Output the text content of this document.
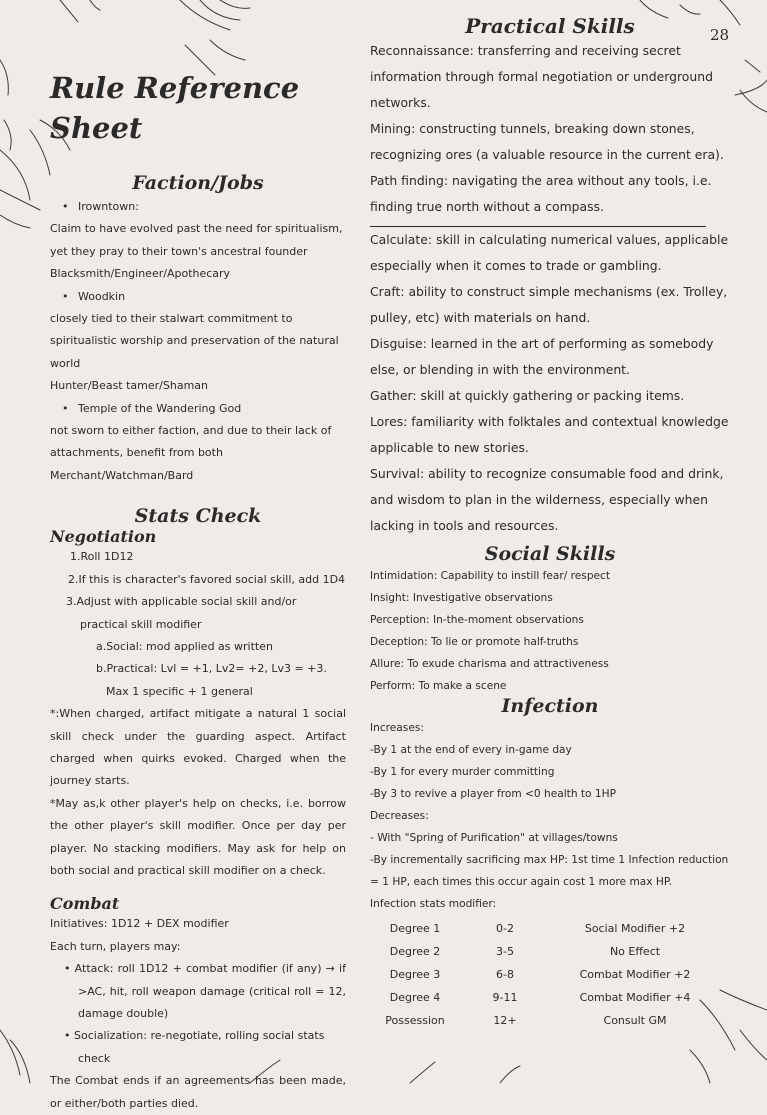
28
Rule Reference Sheet
Faction/Jobs
• Irowntown:
Claim to have evolved past the need for spiritualism, yet they pray to their town's ancestral founder
Blacksmith/Engineer/Apothecary
• Woodkin
closely tied to their stalwart commitment to spiritualistic worship and preservation of the natural world
Hunter/Beast tamer/Shaman
• Temple of the Wandering God
not sworn to either faction, and due to their lack of attachments, benefit from both
Merchant/Watchman/Bard
Stats Check
Negotiation
1.Roll 1D12
2.If this is character's favored social skill, add 1D4
3.Adjust with applicable social skill and/or practical skill modifier
a.Social: mod applied as written
b.Practical: Lvl = +1, Lv2= +2, Lv3 = +3. Max 1 specific + 1 general
*:When charged, artifact mitigate a natural 1 social skill check under the guarding aspect. Artifact charged when quirks evoked. Charged when the journey starts.
*May as,k other player's help on checks, i.e. borrow the other player's skill modifier. Once per day per player. No stacking modifiers. May ask for help on both social and practical skill modifier on a check.
Combat
Initiatives: 1D12 + DEX modifier
Each turn, players may:
• Attack: roll 1D12 + combat modifier (if any) → if >AC, hit, roll weapon damage (critical roll = 12, damage double)
• Socialization: re-negotiate, rolling social stats check
The Combat ends if an agreements has been made, or either/both parties died.
Practical Skills
Reconnaissance: transferring and receiving secret information through formal negotiation or underground networks.
Mining: constructing tunnels, breaking down stones, recognizing ores (a valuable resource in the current era).
Path finding: navigating the area without any tools, i.e. finding true north without a compass.
Calculate: skill in calculating numerical values, applicable especially when it comes to trade or gambling.
Craft: ability to construct simple mechanisms (ex. Trolley, pulley, etc) with materials on hand.
Disguise: learned in the art of performing as somebody else, or blending in with the environment.
Gather: skill at quickly gathering or packing items.
Lores: familiarity with folktales and contextual knowledge applicable to new stories.
Survival: ability to recognize consumable food and drink, and wisdom to plan in the wilderness, especially when lacking in tools and resources.
Social Skills
Intimidation: Capability to instill fear/ respect
Insight: Investigative observations
Perception: In-the-moment observations
Deception: To lie or promote half-truths
Allure: To exude charisma and attractiveness
Perform: To make a scene
Infection
Increases:
-By 1 at the end of every in-game day
-By 1 for every murder committing
-By 3 to revive a player from <0 health to 1HP
Decreases:
- With "Spring of Purification" at villages/towns
-By incrementally sacrificing max HP: 1st time 1 Infection reduction = 1 HP, each times this occur again cost 1 more max HP.
Infection stats modifier:
Degree 1	0-2	Social Modifier +2
Degree 2	3-5	No Effect
Degree 3	6-8	Combat Modifier +2
Degree 4	9-11	Combat Modifier +4
Possession	12+	Consult GM
